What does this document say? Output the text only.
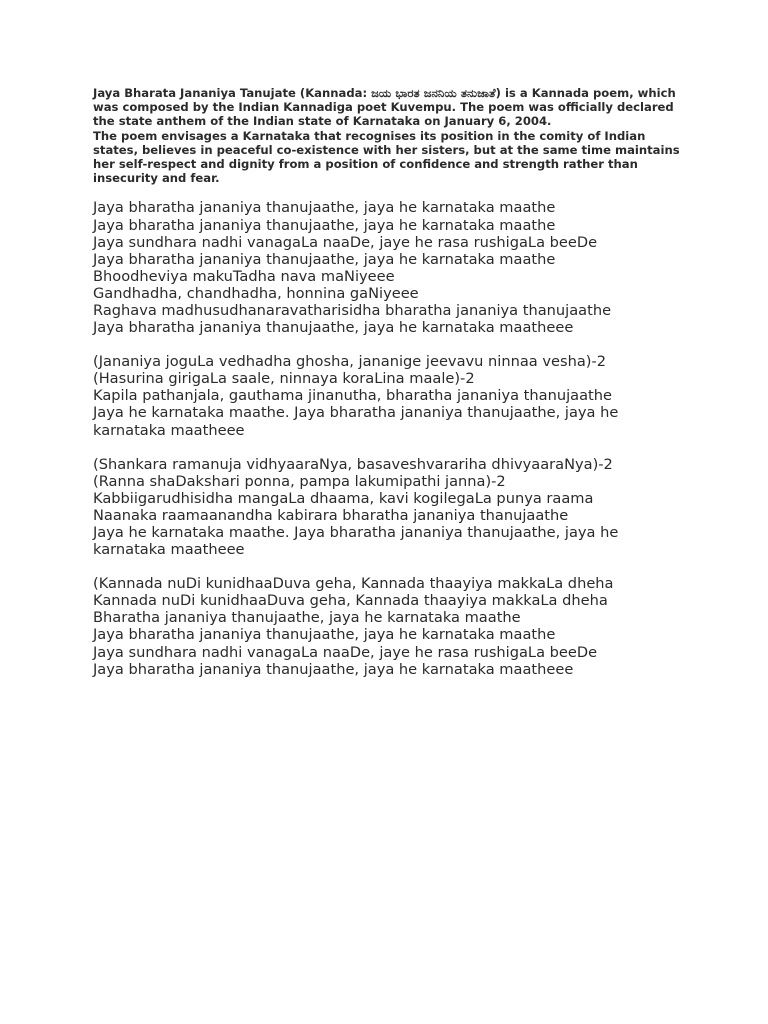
Jaya Bharata Jananiya Tanujate (Kannada: ಜಯ ಭಾರತ ಜನನಿಯ ತನುಜಾತೆ) is a Kannada poem, which was composed by the Indian Kannadiga poet Kuvempu. The poem was officially declared the state anthem of the Indian state of Karnataka on January 6, 2004.

The poem envisages a Karnataka that recognises its position in the comity of Indian states, believes in peaceful co-existence with her sisters, but at the same time maintains her self-respect and dignity from a position of confidence and strength rather than insecurity and fear.

Jaya bharatha jananiya thanujaathe, jaya he karnataka maathe
Jaya bharatha jananiya thanujaathe, jaya he karnataka maathe
Jaya sundhara nadhi vanagaLa naaDe, jaye he rasa rushigaLa beeDe
Jaya bharatha jananiya thanujaathe, jaya he karnataka maathe
Bhoodheviya makuTadha nava maNiyeee
Gandhadha, chandhadha, honnina gaNiyeee
Raghava madhusudhanaravatharisidha bharatha jananiya thanujaathe
Jaya bharatha jananiya thanujaathe, jaya he karnataka maatheee
(Jananiya joguLa vedhadha ghosha, jananige jeevavu ninnaa vesha)-2
(Hasurina girigaLa saale, ninnaya koraLina maale)-2
Kapila pathanjala, gauthama jinanutha, bharatha jananiya thanujaathe
Jaya he karnataka maathe. Jaya bharatha jananiya thanujaathe, jaya he karnataka maatheee
(Shankara ramanuja vidhyaaraNya, basaveshvarariha dhivyaaraNya)-2
(Ranna shaDakshari ponna, pampa lakumipathi janna)-2
Kabbiigarudhisidha mangaLa dhaama, kavi kogilegaLa punya raama
Naanaka raamaanandha kabirara bharatha jananiya thanujaathe
Jaya he karnataka maathe. Jaya bharatha jananiya thanujaathe, jaya he karnataka maatheee
(Kannada nuDi kunidhaaDuva geha, Kannada thaayiya makkaLa dheha
Kannada nuDi kunidhaaDuva geha, Kannada thaayiya makkaLa dheha
Bharatha jananiya thanujaathe, jaya he karnataka maathe
Jaya bharatha jananiya thanujaathe, jaya he karnataka maathe
Jaya sundhara nadhi vanagaLa naaDe, jaye he rasa rushigaLa beeDe
Jaya bharatha jananiya thanujaathe, jaya he karnataka maatheee
